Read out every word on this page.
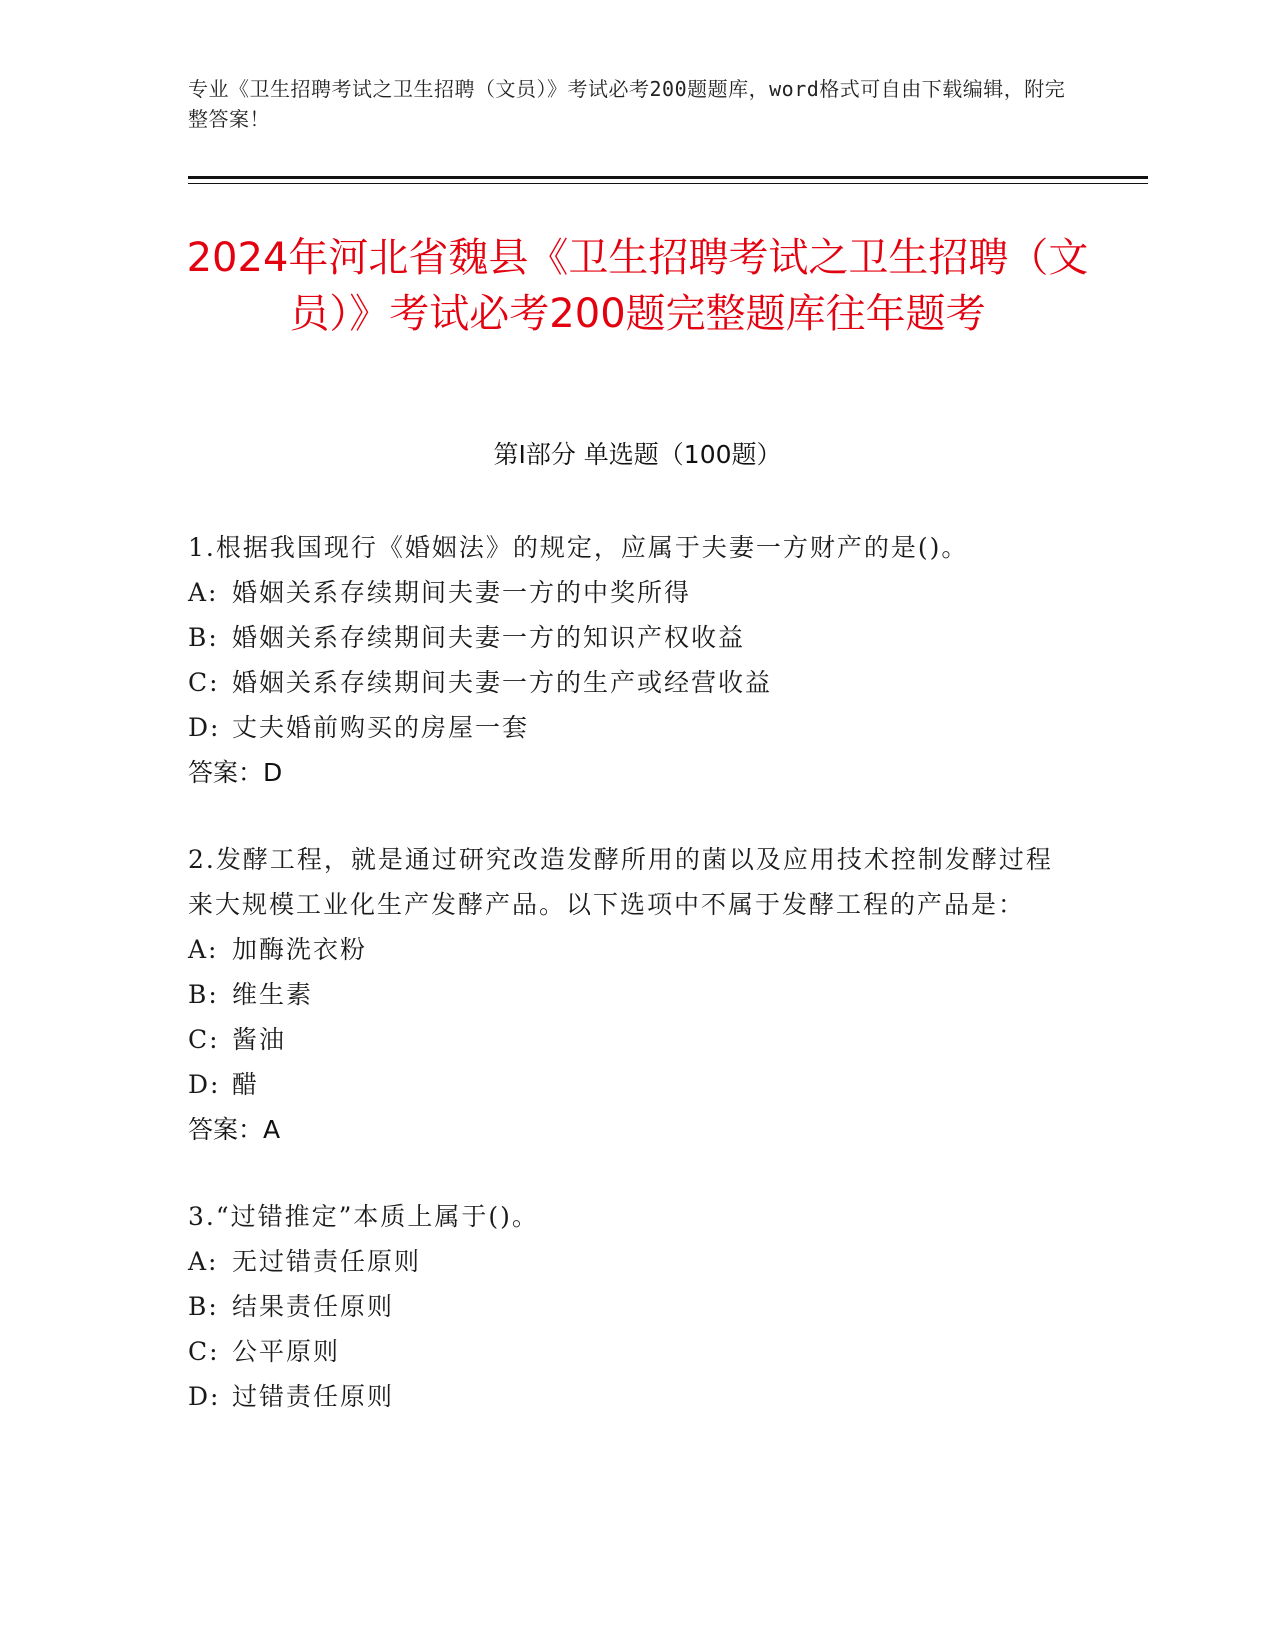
专业《卫生招聘考试之卫生招聘（文员）》考试必考200题题库，word格式可自由下载编辑，附完整答案！
2024年河北省魏县《卫生招聘考试之卫生招聘（文员）》考试必考200题完整题库往年题考
第I部分 单选题（100题）
1.根据我国现行《婚姻法》的规定，应属于夫妻一方财产的是()。
A: 婚姻关系存续期间夫妻一方的中奖所得
B: 婚姻关系存续期间夫妻一方的知识产权收益
C: 婚姻关系存续期间夫妻一方的生产或经营收益
D: 丈夫婚前购买的房屋一套
答案：D
2.发酵工程，就是通过研究改造发酵所用的菌以及应用技术控制发酵过程来大规模工业化生产发酵产品。以下选项中不属于发酵工程的产品是：
A: 加酶洗衣粉
B: 维生素
C: 酱油
D: 醋
答案：A
3.“过错推定”本质上属于()。
A: 无过错责任原则
B: 结果责任原则
C: 公平原则
D: 过错责任原则
